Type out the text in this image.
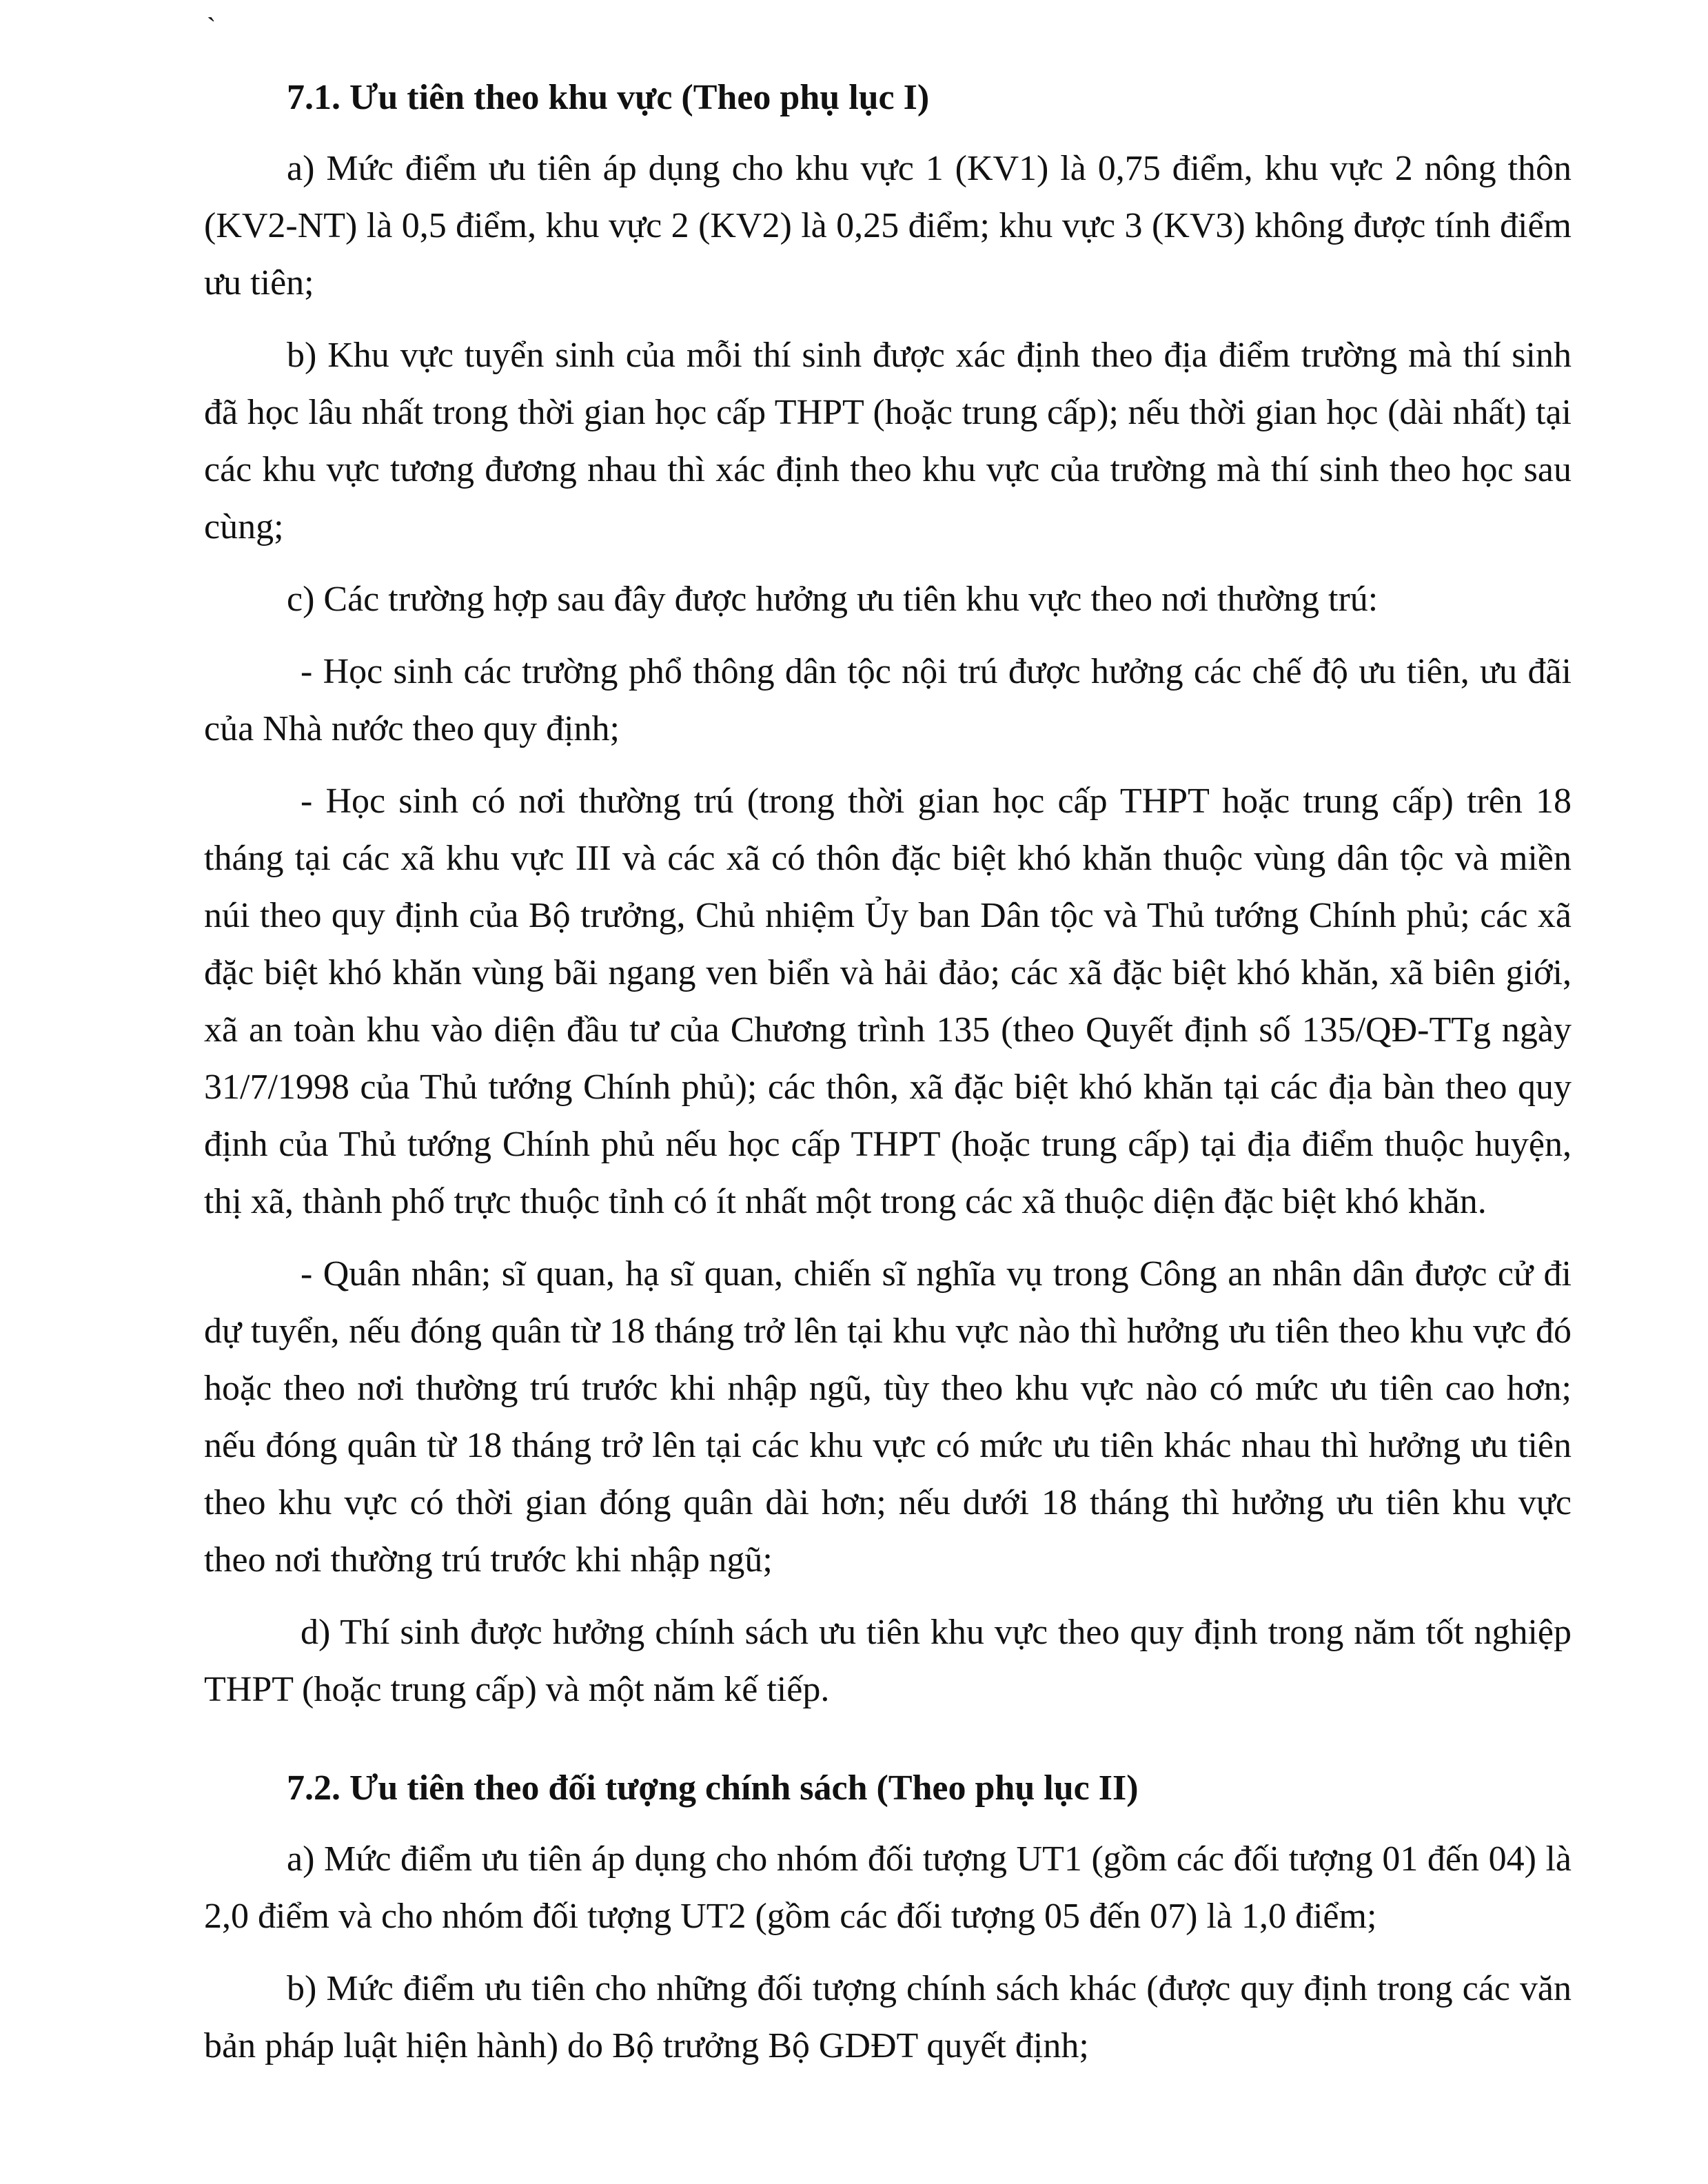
`
7.1. Ưu tiên theo khu vực (Theo phụ lục I)

a) Mức điểm ưu tiên áp dụng cho khu vực 1 (KV1) là 0,75 điểm, khu vực 2 nông thôn (KV2-NT) là 0,5 điểm, khu vực 2 (KV2) là 0,25 điểm; khu vực 3 (KV3) không được tính điểm ưu tiên;

b) Khu vực tuyển sinh của mỗi thí sinh được xác định theo địa điểm trường mà thí sinh đã học lâu nhất trong thời gian học cấp THPT (hoặc trung cấp); nếu thời gian học (dài nhất) tại các khu vực tương đương nhau thì xác định theo khu vực của trường mà thí sinh theo học sau cùng;

c) Các trường hợp sau đây được hưởng ưu tiên khu vực theo nơi thường trú:

- Học sinh các trường phổ thông dân tộc nội trú được hưởng các chế độ ưu tiên, ưu đãi của Nhà nước theo quy định;

- Học sinh có nơi thường trú (trong thời gian học cấp THPT hoặc trung cấp) trên 18 tháng tại các xã khu vực III và các xã có thôn đặc biệt khó khăn thuộc vùng dân tộc và miền núi theo quy định của Bộ trưởng, Chủ nhiệm Ủy ban Dân tộc và Thủ tướng Chính phủ; các xã đặc biệt khó khăn vùng bãi ngang ven biển và hải đảo; các xã đặc biệt khó khăn, xã biên giới, xã an toàn khu vào diện đầu tư của Chương trình 135 (theo Quyết định số 135/QĐ-TTg ngày 31/7/1998 của Thủ tướng Chính phủ); các thôn, xã đặc biệt khó khăn tại các địa bàn theo quy định của Thủ tướng Chính phủ nếu học cấp THPT (hoặc trung cấp) tại địa điểm thuộc huyện, thị xã, thành phố trực thuộc tỉnh có ít nhất một trong các xã thuộc diện đặc biệt khó khăn.

- Quân nhân; sĩ quan, hạ sĩ quan, chiến sĩ nghĩa vụ trong Công an nhân dân được cử đi dự tuyển, nếu đóng quân từ 18 tháng trở lên tại khu vực nào thì hưởng ưu tiên theo khu vực đó hoặc theo nơi thường trú trước khi nhập ngũ, tùy theo khu vực nào có mức ưu tiên cao hơn; nếu đóng quân từ 18 tháng trở lên tại các khu vực có mức ưu tiên khác nhau thì hưởng ưu tiên theo khu vực có thời gian đóng quân dài hơn; nếu dưới 18 tháng thì hưởng ưu tiên khu vực theo nơi thường trú trước khi nhập ngũ;

d) Thí sinh được hưởng chính sách ưu tiên khu vực theo quy định trong năm tốt nghiệp THPT (hoặc trung cấp) và một năm kế tiếp.

7.2. Ưu tiên theo đối tượng chính sách (Theo phụ lục II)

a) Mức điểm ưu tiên áp dụng cho nhóm đối tượng UT1 (gồm các đối tượng 01 đến 04) là 2,0 điểm và cho nhóm đối tượng UT2 (gồm các đối tượng 05 đến 07) là 1,0 điểm;

b) Mức điểm ưu tiên cho những đối tượng chính sách khác (được quy định trong các văn bản pháp luật hiện hành) do Bộ trưởng Bộ GDĐT quyết định;
